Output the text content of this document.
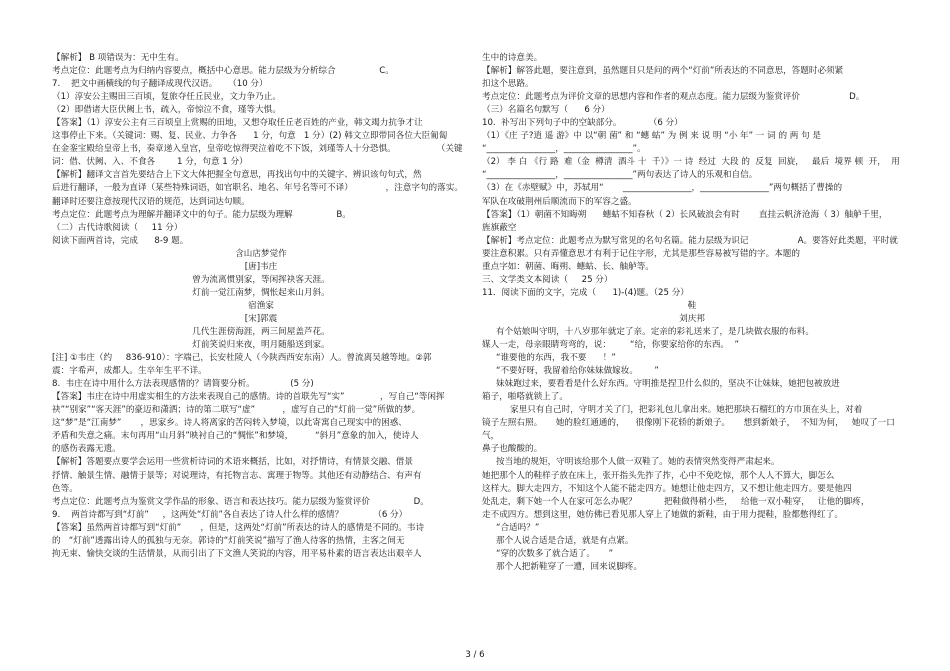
【解析】 B 项错误为：无中生有。

考点定位：此题考点为归纳内容要点，概括中心意思。能力层级为分析综合                C。

7.    把文中画横线的句子翻译成现代汉语。    （10 分）

（1）淳安公主赐田三百顷，复旅夺任丘民业，文力争乃止。

（2）即借诸大臣伏阙上书，疏入，帝惊泣不食，瑾等大惧。

【答案】（1）淳安公主有三百顷皇上赏赐的田地，又想夺取任丘老百姓的产业，韩文竭力抗争才让

这事停止下来。（关键词：赐、复、民业、力争各      1 分，句意   1 分）(2) 韩文立即带同各位大臣匍匐

在金銮宝殿给皇帝上书，奏章递入皇宫，皇帝吃惊得哭泣着吃不下饭，刘瑾等人十分恐惧。               （关键

词：借、伏阙、入、不食各        1 分，句意 1 分）

【解析】翻译文言首先要结合上下文大体把握全句意思，再找出句中的关键字、辨识该句句式，然

后进行翻译，一般为直译（某些特殊词语，如官职名、地名、年号名等可不译）            ，注意字句的落实。

翻译时还要注意按现代汉语的规范，达到词达句顺。

考点定位：此题考点为理解并翻译文中的句子。能力层级为理解                B。

（二）古代诗歌阅读（     11 分）

阅读下面两首诗，完成      8-9 题。

含山店梦觉作

[唐]韦庄

曾为流离惯别家，等闲挥袂客天涯。

灯前一觉江南梦，惆怅起来山月斜。

宿渔家

[宋]郭震

几代生涯傍海涯，两三间屋盖芦花。

灯前笑说归来夜，明月随船送到家。

[注] ①韦庄（约     836-910）：字端己，长安杜陵人（今陕西西安东南）人。曾流离吴越等地。②郭

震：字希声，成都人。生卒年生平不详。

8.  韦庄在诗中用什么方法表现感情的？请简要分析。             (5 分)

【答案】韦庄在诗中用虚实相生的方法来表现自己的感情。诗的首联先写“实”             ，写自己“等闲挥

袂”“别家”“客天涯”的豪迈和潇洒；诗的第二联写“虚”          ，虚写自己的“灯前一觉”所做的梦。

这“梦”是“江南梦”       ，思家乡。诗人将离家的苦闷转入梦境，以此寄寓自己现实中的困惑、

矛盾和失意之痛。末句再用“山月斜”映衬自己的“惆怅”和梦境，        “斜月”意象的加入，使诗人

的感伤表露无遗。

【解析】答题要点要学会运用一些赏析诗词的术语来概括，比如，对抒情诗，有情景交融、借景

抒情、触景生情、融情于景等；对说理诗，有托物言志、寓理于物等。其他还有动静结合、有声有

色等。

考点定位：此题考点为鉴赏文学作品的形象、语言和表达技巧。能力层级为鉴赏评价                D。

9.    两首诗都写到“灯前”     ，这两处“灯前”各自表达了诗人什么样的感情？           （6 分）

【答案】虽然两首诗都写到“灯前”       ，但是，这两处“灯前”所表达的诗人的感情是不同的。韦诗

的   “灯前”透露出诗人的孤独与无奈。郭诗的“灯前笑说”描写了渔人待客的热情，主客之间无

拘无束、愉快交谈的生活情景，从而引出了下文渔人笑说的内容，用平易朴素的语言表达出艰辛人

生中的诗意美。

【解析】解答此题，要注意到，虽然题目只是问的两个“灯前”所表达的不同意思，答题时必须紧

扣这个思路。

考点定位：此题考点为评价文章的思想内容和作者的观点态度。能力层级为鉴赏评价                  D。

（三）名篇名句默写（      6 分）

10.  补写出下列句子中的空缺部分。          （6 分）

（1）《庄 子?逍 遥 游》中 以“朝 菌” 和 “蟪 蛄” 为 例 来 说 明 “小 年” 一 词 的 两 句 是

“________________，________________”。

（2） 李 白 《行 路  难（金  樽清  酒斗 十  千）》一 诗  经过  大段 的  反复  回旋，   最后  境界 顿  开，  用

“________________，________________”两句表达了诗人的乐观和自信。

（3）在《赤壁赋》中，苏轼用“       ________________，________________”两句概括了曹操的

军队在攻破荆州后顺流而下的军容之盛。

【答案】（1）朝菌不知晦朔      蟪蛄不知春秋（ 2）长风破浪会有时       直挂云帆济沧海（ 3）舳舻千里，

旌旗蔽空

【解析】考点定位：此题考点为默写常见的名句名篇。能力层级为识记                  A。要答好此类题，平时就

要注意积累。只有弄懂意思才有利于记住字形，尤其是那些容易被写错的字。本题的

重点字如：朝菌、晦朔、蟪蛄、长、舳舻等。

三、文学类文本阅读（     25 分）

11．阅读下面的文字，完成（      1)-(4)题。（25 分）

鞋

刘庆邦

有个姑娘叫守明，十八岁那年就定了亲。定亲的彩礼送来了，是几块做衣服的布料。

媒人一走，母亲眼睛弯弯的，说：       “给，你要家给你的东西。  ”

“谁要他的东西，我不要      ！”

“不要好呀，我留着给你妹妹做嫁妆。      ”

妹妹跑过来，要看看是什么好东西。守明推是捏卫什么似的，坚决不让妹妹，她把包被放进

箱子，啪嗒就锁上了。

家里只有自己时，守明才关了门，把彩礼包儿拿出来。她把那块石榴红的方巾顶在头上，对着

镜子左照右照。     她的脸红通通的，    很像刚下花轿的新娘子。     想到新娘子，  不知为何，   她叹了一口气，

鼻子也酸酸的。

按当地的规矩，守明该给那个人做一双鞋了。她的表情突然变得严肃起来。

她把那个人的鞋样子放在床上，张开指头先拃了拃，心中不免吃惊，那个人人不算大，脚怎么

这样大。脚大走四方，不知这个人能不能走四方。她想让他走四方，又不想让他走四方。要是他四

处乱走，剩下她一个人在家可怎么办呢？          把鞋做得稍小些，   给他一双小鞋穿，   让他的脚疼，

走不成四方。想到这里，她仿佛已看见那人穿上了她做的新鞋，由于用力提鞋，脸都憋得红了。

“合适吗？”

那个人说合适是合适，就是有点紧。

“穿的次数多了就合适了。     ”

那个人把新鞋穿了一遭，回来说脚疼。

3 / 6
